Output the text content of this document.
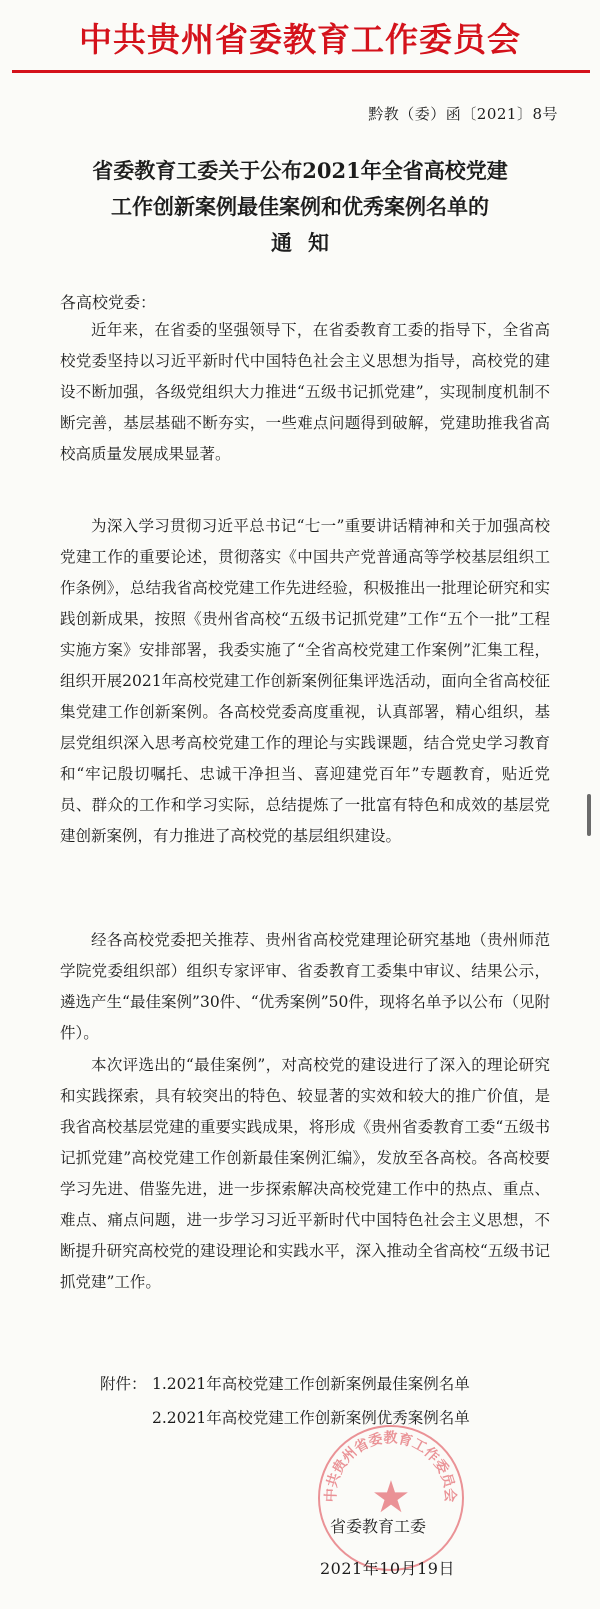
中共贵州省委教育工作委员会
黔教（委）函〔2021〕8号
省委教育工委关于公布2021年全省高校党建
工作创新案例最佳案例和优秀案例名单的
通知
各高校党委：

近年来，在省委的坚强领导下，在省委教育工委的指导下，全省高校党委坚持以习近平新时代中国特色社会主义思想为指导，高校党的建设不断加强，各级党组织大力推进“五级书记抓党建”，实现制度机制不断完善，基层基础不断夯实，一些难点问题得到破解，党建助推我省高校高质量发展成果显著。

为深入学习贯彻习近平总书记“七一”重要讲话精神和关于加强高校党建工作的重要论述，贯彻落实《中国共产党普通高等学校基层组织工作条例》，总结我省高校党建工作先进经验，积极推出一批理论研究和实践创新成果，按照《贵州省高校“五级书记抓党建”工作“五个一批”工程实施方案》安排部署，我委实施了“全省高校党建工作案例”汇集工程，组织开展2021年高校党建工作创新案例征集评选活动，面向全省高校征集党建工作创新案例。各高校党委高度重视，认真部署，精心组织，基层党组织深入思考高校党建工作的理论与实践课题，结合党史学习教育和“牢记殷切嘱托、忠诚干净担当、喜迎建党百年”专题教育，贴近党员、群众的工作和学习实际，总结提炼了一批富有特色和成效的基层党建创新案例，有力推进了高校党的基层组织建设。

经各高校党委把关推荐、贵州省高校党建理论研究基地（贵州师范学院党委组织部）组织专家评审、省委教育工委集中审议、结果公示，遴选产生“最佳案例”30件、“优秀案例”50件，现将名单予以公布（见附件）。

本次评选出的“最佳案例”，对高校党的建设进行了深入的理论研究和实践探索，具有较突出的特色、较显著的实效和较大的推广价值，是我省高校基层党建的重要实践成果，将形成《贵州省委教育工委“五级书记抓党建”高校党建工作创新最佳案例汇编》，发放至各高校。各高校要学习先进、借鉴先进，进一步探索解决高校党建工作中的热点、重点、难点、痛点问题，进一步学习习近平新时代中国特色社会主义思想，不断提升研究高校党的建设理论和实践水平，深入推动全省高校“五级书记抓党建”工作。

附件： 1.2021年高校党建工作创新案例最佳案例名单
2.2021年高校党建工作创新案例优秀案例名单
中共贵州省委教育工作委员会
★
省委教育工委
2021年10月19日
